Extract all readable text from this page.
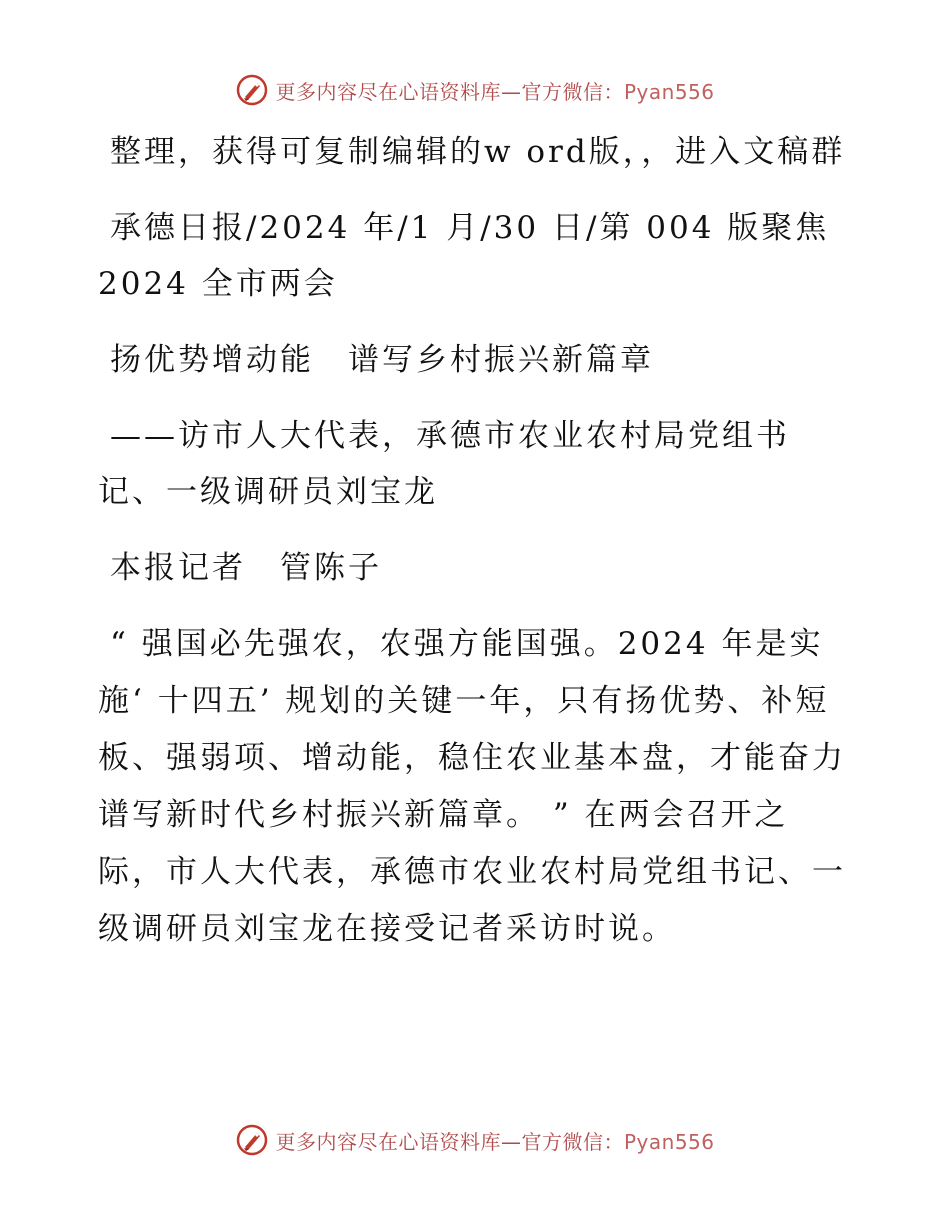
更多内容尽在心语资料库—官方微信：Pyan556

整理，获得可复制编辑的w ord版，，进入文稿群

承德日报/2024 年/1 月/30 日/第 004 版聚焦2024 全市两会

扬优势增动能　谱写乡村振兴新篇章

——访市人大代表，承德市农业农村局党组书记、一级调研员刘宝龙

本报记者　管陈子

“ 强国必先强农，农强方能国强。2024 年是实施‘ 十四五’ 规划的关键一年，只有扬优势、补短板、强弱项、增动能，稳住农业基本盘，才能奋力谱写新时代乡村振兴新篇章。 ” 在两会召开之际，市人大代表，承德市农业农村局党组书记、一级调研员刘宝龙在接受记者采访时说。

更多内容尽在心语资料库—官方微信：Pyan556
